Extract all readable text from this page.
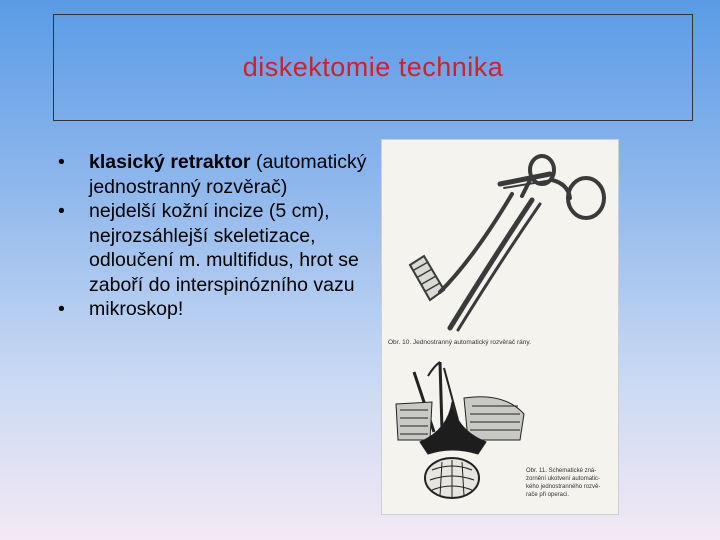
diskektomie technika
• klasický retraktor (automatický jednostranný rozvěrač)
• nejdelší kožní incize (5 cm), nejrozsáhlejší skeletizace, odloučení m. multifidus, hrot se zaboří do interspinózního vazu
• mikroskop!
Obr. 10. Jednostranný automatický rozvěrač rány.
Obr. 11. Schematické zná-
zornění ukotvení automatic-
kého jednostranného rozvě-
rače při operaci.
